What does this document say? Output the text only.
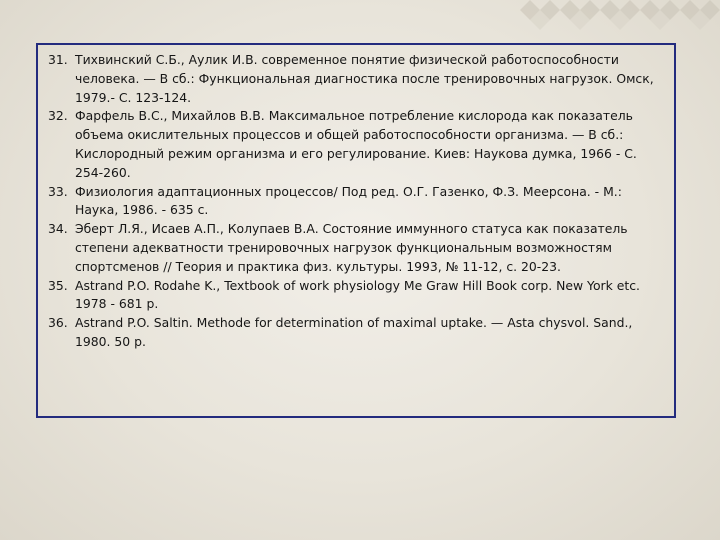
31. Тихвинский С.Б., Аулик И.В. современное понятие физической работоспособности человека. — В сб.: Функциональная диагностика после тренировочных нагрузок. Омск, 1979.- С. 123-124.
32. Фарфель В.С., Михайлов В.В. Максимальное потребление кислорода как показатель объема окислительных процессов и общей работоспособности организма. — В сб.: Кислородный режим организма и его регулирование. Киев: Наукова думка, 1966 - С. 254-260.
33. Физиология адаптационных процессов/ Под ред. О.Г. Газенко, Ф.З. Меерсона. - М.: Наука, 1986. - 635 с.
34. Эберт Л.Я., Исаев А.П., Колупаев В.А. Состояние иммунного статуса как показатель степени адекватности тренировочных нагрузок функциональным возможностям спортсменов // Теория и практика физ. культуры. 1993, № 11-12, с. 20-23.
35. Astrand P.O. Rodahe K., Textbook of work physiology Me Graw Hill Book corp. New York etc. 1978 - 681 p.
36. Astrand P.O. Saltin. Methode for determination of maximal uptake. — Asta chysvol. Sand., 1980. 50 p.
